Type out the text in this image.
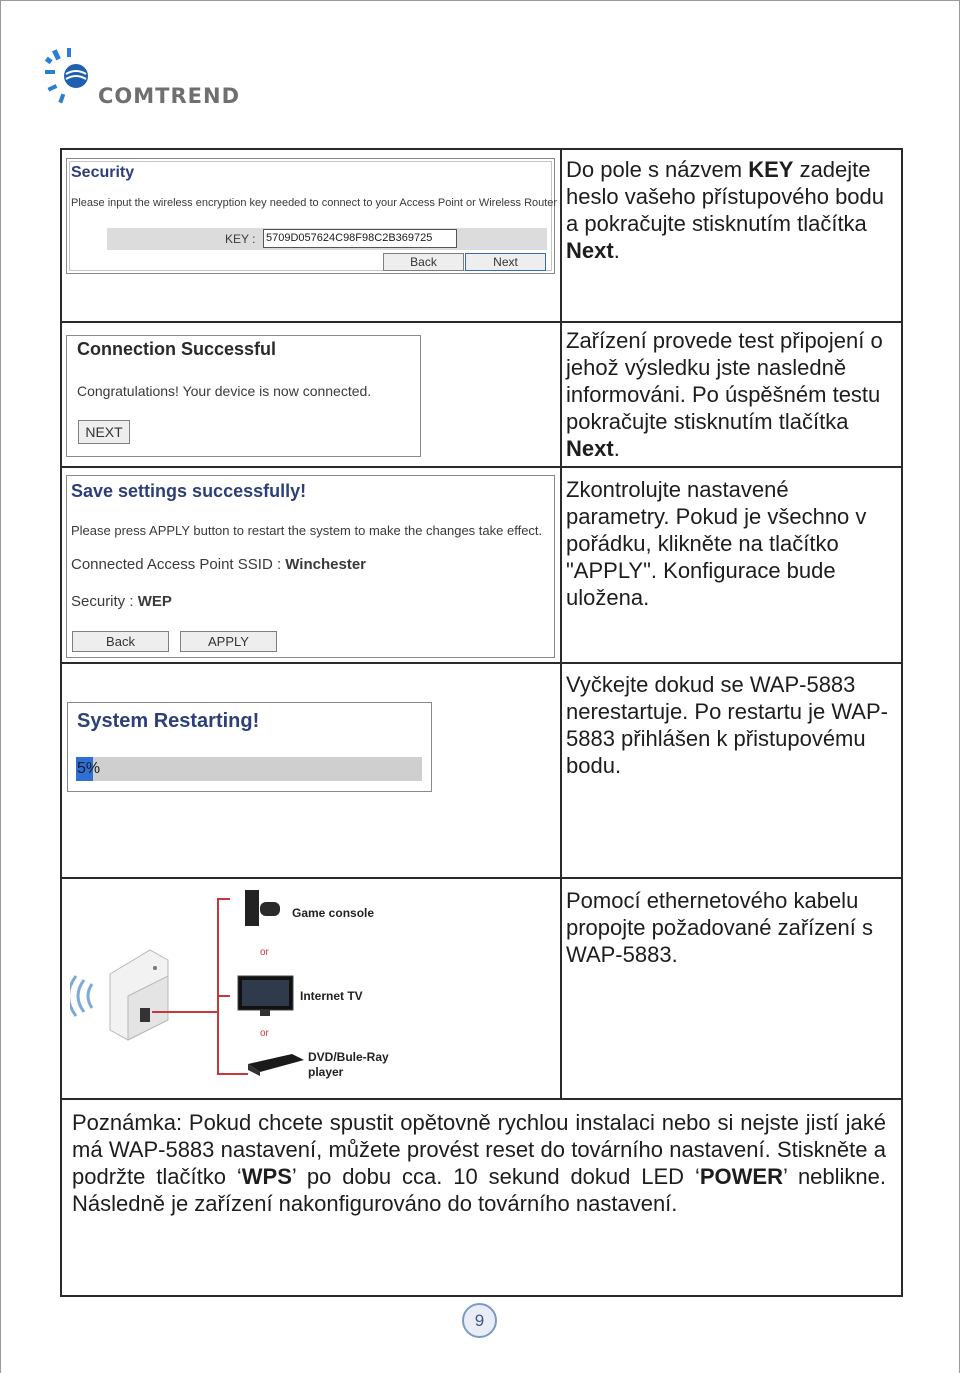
COMTREND
Security
Please input the wireless encryption key needed to connect to your Access Point or Wireless Router
KEY : 5709D057624C98F98C2B369725
Back	Next
Do pole s názvem KEY zadejte heslo vašeho přístupového bodu a pokračujte stisknutím tlačítka Next.
Connection Successful
Congratulations! Your device is now connected.
NEXT
Zařízení provede test připojení o jehož výsledku jste nasledně informováni. Po úspěšném testu pokračujte stisknutím tlačítka Next.
Save settings successfully!
Please press APPLY button to restart the system to make the changes take effect.
Connected Access Point SSID : Winchester
Security : WEP
Back	APPLY
Zkontrolujte nastavené parametry. Pokud je všechno v pořádku, klikněte na tlačítko "APPLY". Konfigurace bude uložena.
System Restarting!
5%
Vyčkejte dokud se WAP-5883 nerestartuje. Po restartu je WAP-5883 přihlášen k přistupovému bodu.
Game console
or
Internet TV
or
DVD/Bule-Ray
player
Pomocí ethernetového kabelu propojte požadované zařízení s WAP-5883.
Poznámka: Pokud chcete spustit opětovně rychlou instalaci nebo si nejste jistí jaké má WAP-5883 nastavení, můžete provést reset do továrního nastavení. Stiskněte a podržte tlačítko ‘WPS’ po dobu cca. 10 sekund dokud LED ‘POWER’ neblikne. Následně je zařízení nakonfigurováno do továrního nastavení.
9
